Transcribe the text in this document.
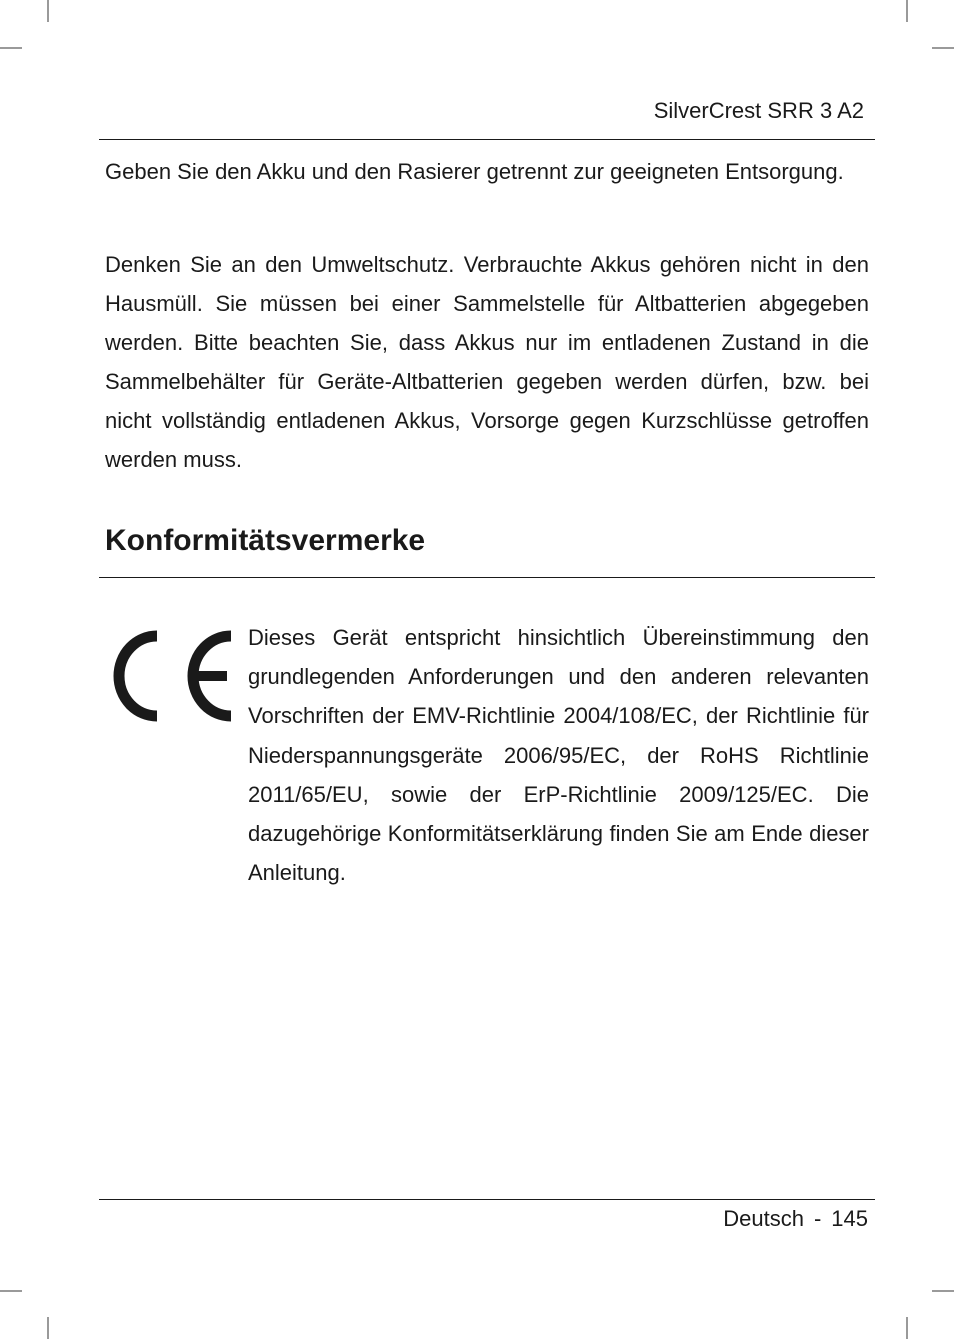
SilverCrest SRR 3 A2

Geben Sie den Akku und den Rasierer getrennt zur geeigneten Entsorgung.

Denken Sie an den Umweltschutz. Verbrauchte Akkus gehören nicht in den Hausmüll. Sie müssen bei einer Sammelstelle für Altbatterien abgegeben werden. Bitte beachten Sie, dass Akkus nur im entladenen Zustand in die Sammelbehälter für Geräte-Altbatterien gegeben werden dürfen, bzw. bei nicht vollständig entladenen Akkus, Vorsorge gegen Kurzschlüsse getroffen werden muss.

Konformitätsvermerke

Dieses Gerät entspricht hinsichtlich Übereinstimmung den grundlegenden Anforderungen und den anderen relevanten Vorschriften der EMV-Richtlinie 2004/108/EC, der Richtlinie für Niederspannungsgeräte 2006/95/EC, der RoHS Richtlinie 2011/65/EU, sowie der ErP-Richtlinie 2009/125/EC. Die dazugehörige Konformitätserklärung finden Sie am Ende dieser Anleitung.

Deutsch - 145
